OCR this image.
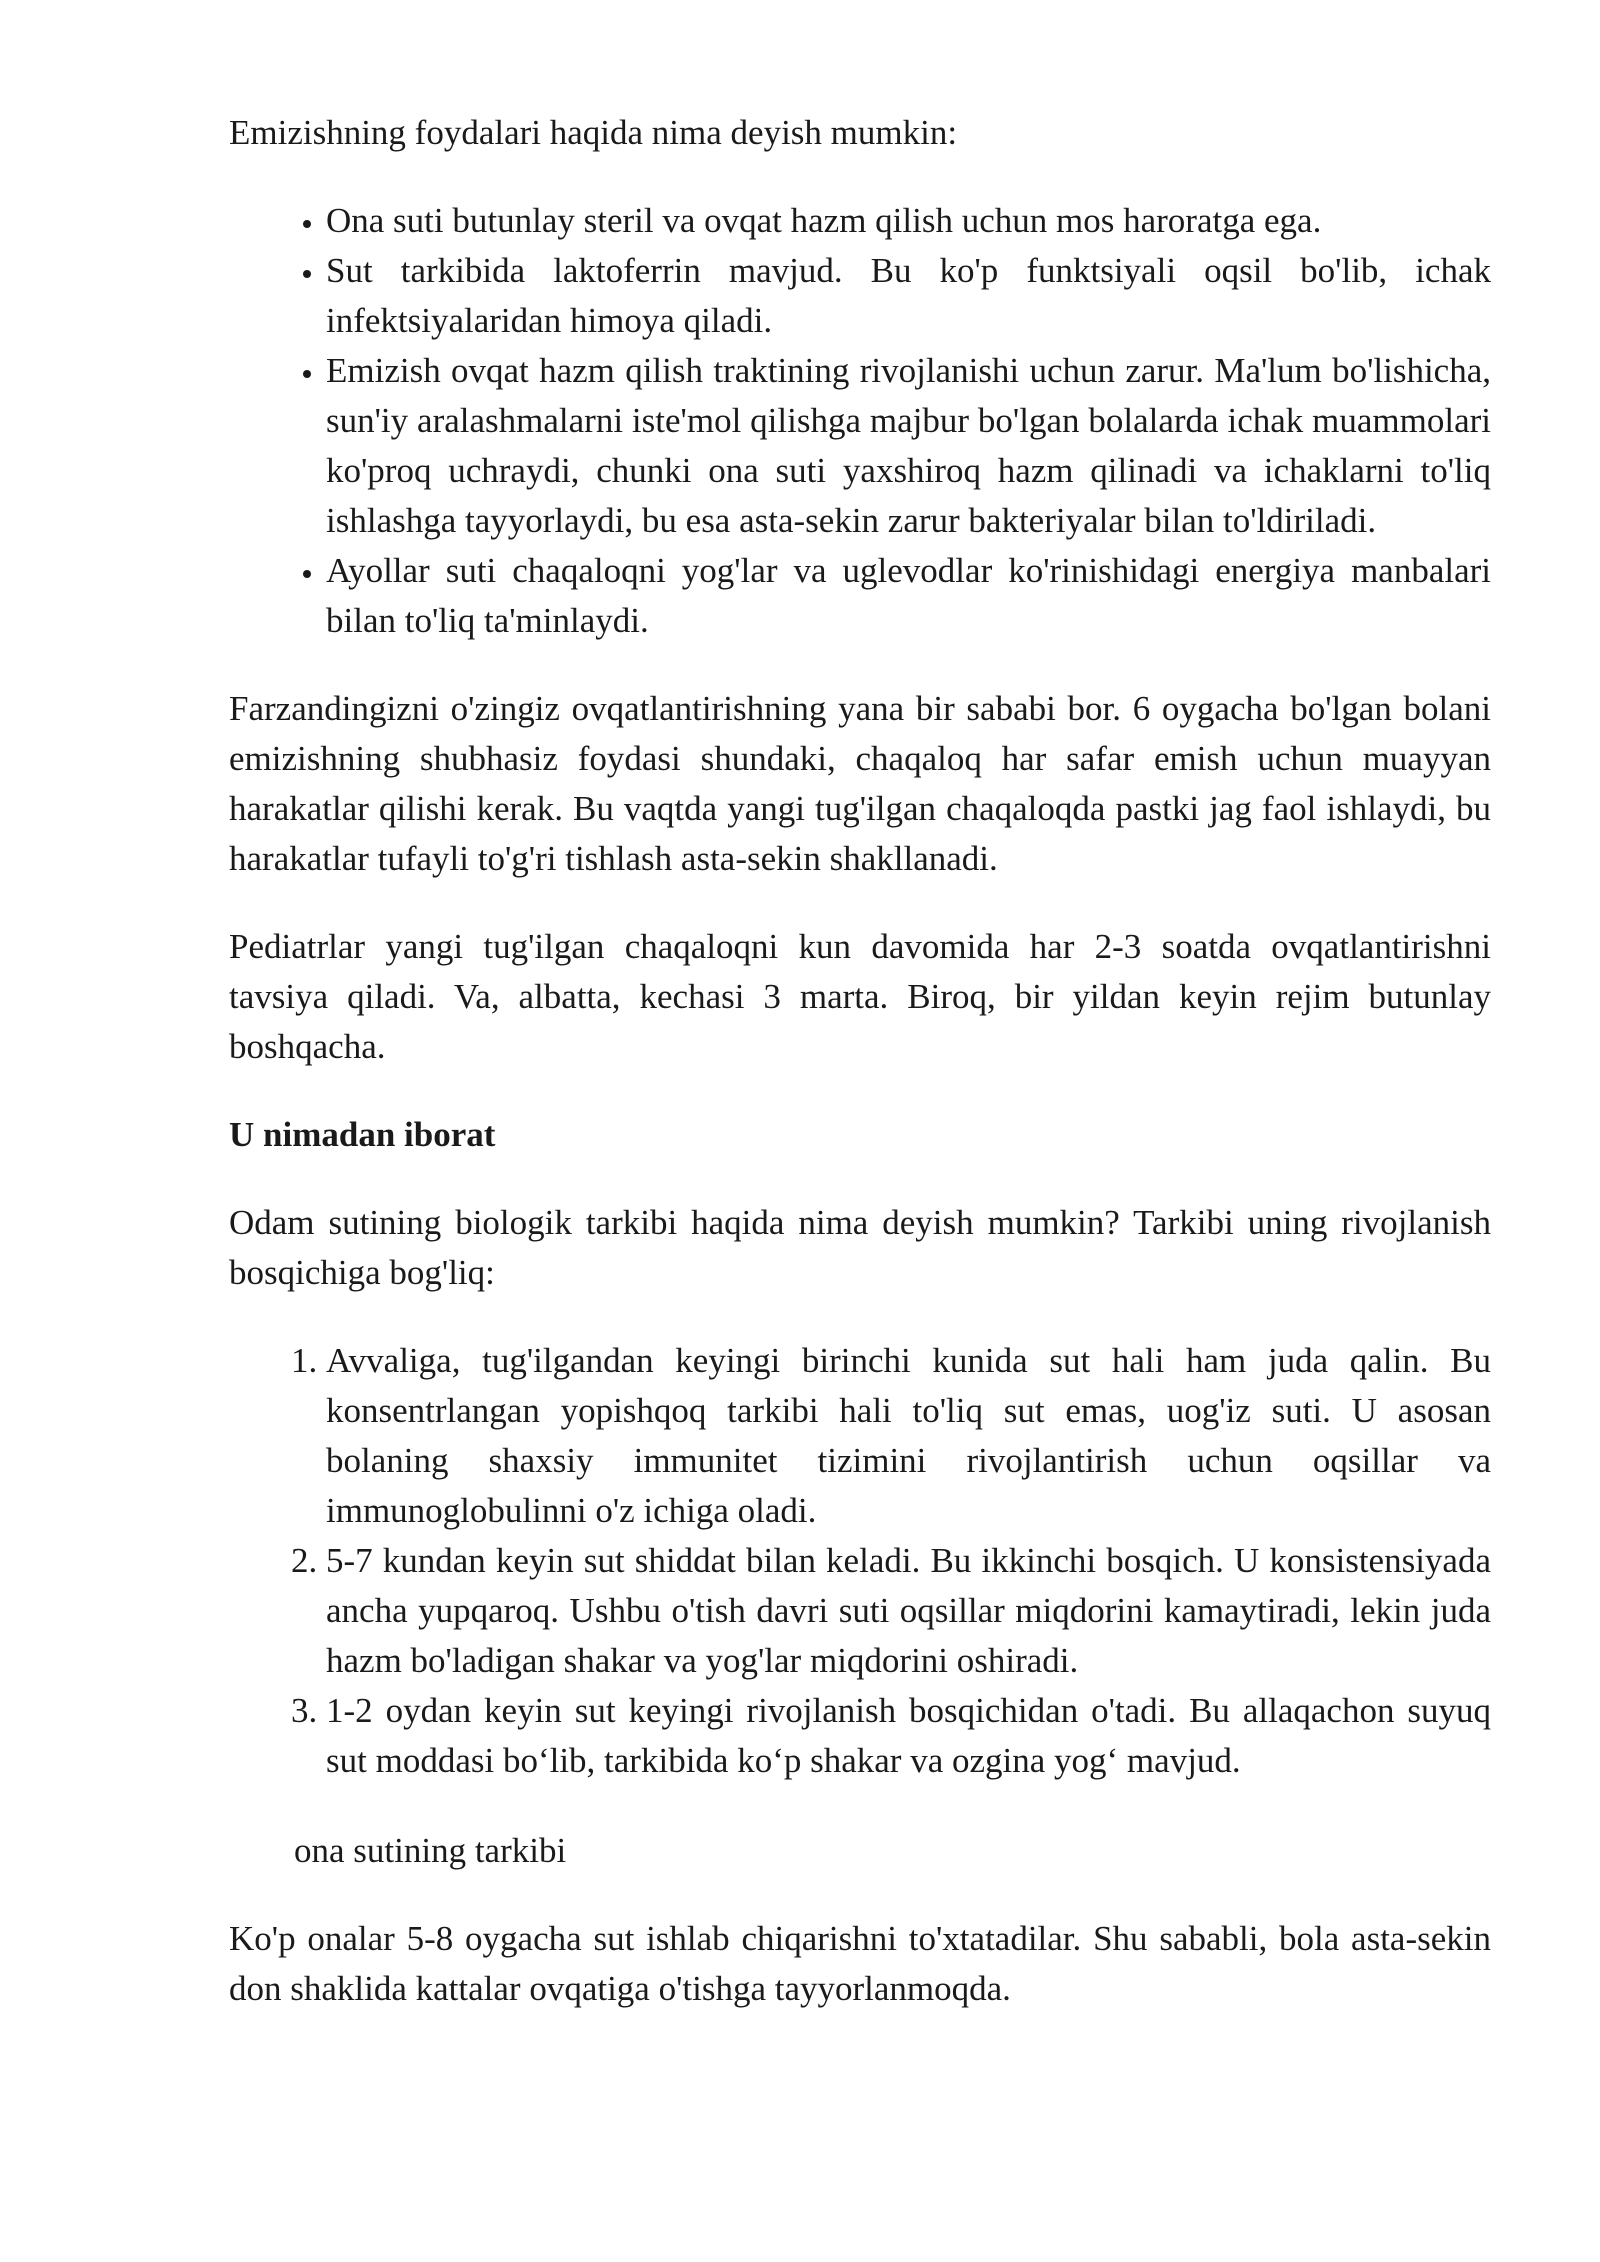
Emizishning foydalari haqida nima deyish mumkin:

• Ona suti butunlay steril va ovqat hazm qilish uchun mos haroratga ega.
• Sut tarkibida laktoferrin mavjud. Bu ko'p funktsiyali oqsil bo'lib, ichak infektsiyalaridan himoya qiladi.
• Emizish ovqat hazm qilish traktining rivojlanishi uchun zarur. Ma'lum bo'lishicha, sun'iy aralashmalarni iste'mol qilishga majbur bo'lgan bolalarda ichak muammolari ko'proq uchraydi, chunki ona suti yaxshiroq hazm qilinadi va ichaklarni to'liq ishlashga tayyorlaydi, bu esa asta-sekin zarur bakteriyalar bilan to'ldiriladi.
• Ayollar suti chaqaloqni yog'lar va uglevodlar ko'rinishidagi energiya manbalari bilan to'liq ta'minlaydi.

Farzandingizni o'zingiz ovqatlantirishning yana bir sababi bor. 6 oygacha bo'lgan bolani emizishning shubhasiz foydasi shundaki, chaqaloq har safar emish uchun muayyan harakatlar qilishi kerak. Bu vaqtda yangi tug'ilgan chaqaloqda pastki jag faol ishlaydi, bu harakatlar tufayli to'g'ri tishlash asta-sekin shakllanadi.

Pediatrlar yangi tug'ilgan chaqaloqni kun davomida har 2-3 soatda ovqatlantirishni tavsiya qiladi. Va, albatta, kechasi 3 marta. Biroq, bir yildan keyin rejim butunlay boshqacha.

U nimadan iborat

Odam sutining biologik tarkibi haqida nima deyish mumkin? Tarkibi uning rivojlanish bosqichiga bog'liq:

1. Avvaliga, tug'ilgandan keyingi birinchi kunida sut hali ham juda qalin. Bu konsentrlangan yopishqoq tarkibi hali to'liq sut emas, uog'iz suti. U asosan bolaning shaxsiy immunitet tizimini rivojlantirish uchun oqsillar va immunoglobulinni o'z ichiga oladi.
2. 5-7 kundan keyin sut shiddat bilan keladi. Bu ikkinchi bosqich. U konsistensiyada ancha yupqaroq. Ushbu o'tish davri suti oqsillar miqdorini kamaytiradi, lekin juda hazm bo'ladigan shakar va yog'lar miqdorini oshiradi.
3. 1-2 oydan keyin sut keyingi rivojlanish bosqichidan o'tadi. Bu allaqachon suyuq sut moddasi bo‘lib, tarkibida ko‘p shakar va ozgina yog‘ mavjud.

ona sutining tarkibi

Ko'p onalar 5-8 oygacha sut ishlab chiqarishni to'xtatadilar. Shu sababli, bola asta-sekin don shaklida kattalar ovqatiga o'tishga tayyorlanmoqda.
